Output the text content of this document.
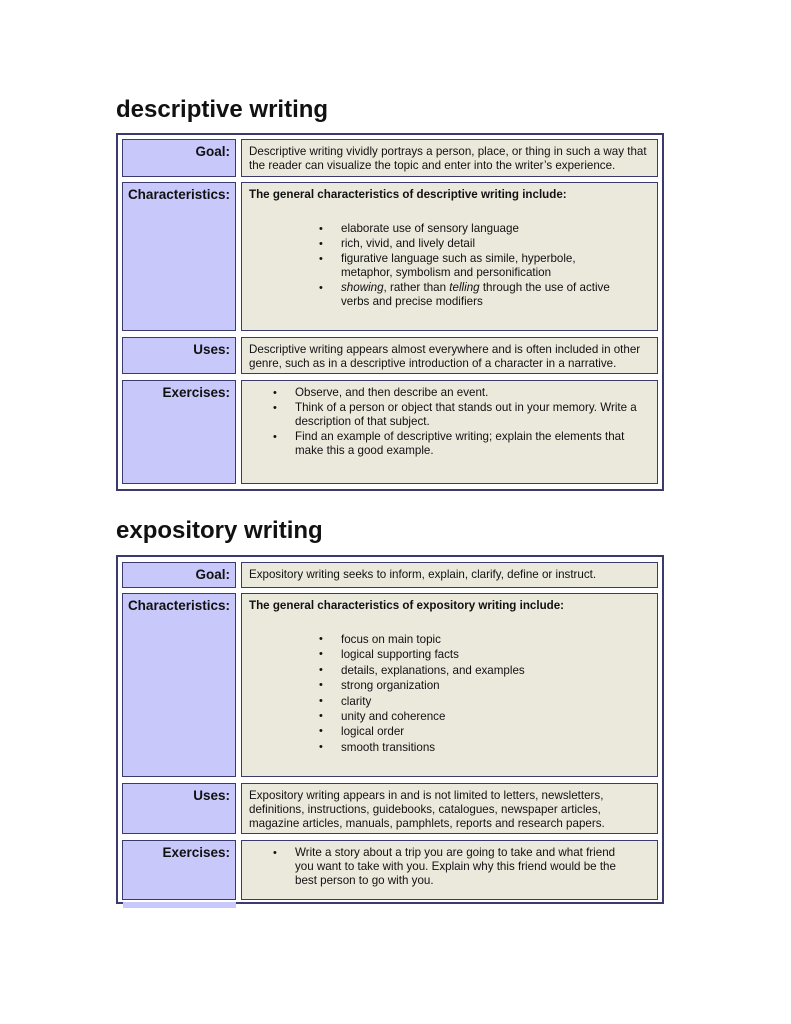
descriptive writing
Goal:	Descriptive writing vividly portrays a person, place, or thing in such a way that the reader can visualize the topic and enter into the writer’s experience.

Characteristics:	The general characteristics of descriptive writing include:

• elaborate use of sensory language
• rich, vivid, and lively detail
• figurative language such as simile, hyperbole, metaphor, symbolism and personification
• showing, rather than telling through the use of active verbs and precise modifiers
Uses:	Descriptive writing appears almost everywhere and is often included in other genre, such as in a descriptive introduction of a character in a narrative.

Exercises:	• Observe, and then describe an event.
• Think of a person or object that stands out in your memory. Write a description of that subject.
• Find an example of descriptive writing; explain the elements that make this a good example.
expository writing
Goal:	Expository writing seeks to inform, explain, clarify, define or instruct.

Characteristics:	The general characteristics of expository writing include:

• focus on main topic
• logical supporting facts
• details, explanations, and examples
• strong organization
• clarity
• unity and coherence
• logical order
• smooth transitions
Uses:	Expository writing appears in and is not limited to letters, newsletters, definitions, instructions, guidebooks, catalogues, newspaper articles, magazine articles, manuals, pamphlets, reports and research papers.

Exercises:	• Write a story about a trip you are going to take and what friend you want to take with you. Explain why this friend would be the best person to go with you.
